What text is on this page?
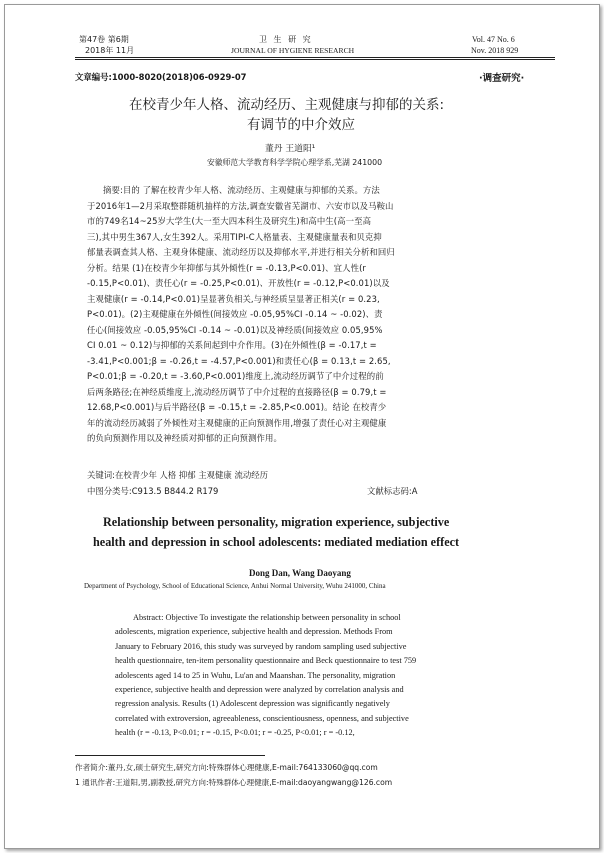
第47卷 第6期
2018年 11月
卫 生 研 究
JOURNAL OF HYGIENE RESEARCH
Vol. 47 No. 6
Nov. 2018 929
文章编号:1000-8020(2018)06-0929-07	·调查研究·
在校青少年人格、流动经历、主观健康与抑郁的关系:
有调节的中介效应
董丹 王道阳¹
安徽师范大学教育科学学院心理学系,芜湖 241000
摘要:目的 了解在校青少年人格、流动经历、主观健康与抑郁的关系。方法
于2016年1—2月采取整群随机抽样的方法,调查安徽省芜湖市、六安市以及马鞍山
市的749名14~25岁大学生(大一至大四本科生及研究生)和高中生(高一至高
三),其中男生367人,女生392人。采用TIPI-C人格量表、主观健康量表和贝克抑
郁量表调查其人格、主观身体健康、流动经历以及抑郁水平,并进行相关分析和回归
分析。结果 (1)在校青少年抑郁与其外倾性(r = -0.13,P<0.01)、宜人性(r
-0.15,P<0.01)、责任心(r = -0.25,P<0.01)、开放性(r = -0.12,P<0.01)以及
主观健康(r = -0.14,P<0.01)呈显著负相关,与神经质呈显著正相关(r = 0.23,
P<0.01)。(2)主观健康在外倾性(间接效应 -0.05,95%CI -0.14 ~ -0.02)、责
任心(间接效应 -0.05,95%CI -0.14 ~ -0.01)以及神经质(间接效应 0.05,95%
CI 0.01 ~ 0.12)与抑郁的关系间起到中介作用。(3)在外倾性(β = -0.17,t =
-3.41,P<0.001;β = -0.26,t = -4.57,P<0.001)和责任心(β = 0.13,t = 2.65,
P<0.01;β = -0.20,t = -3.60,P<0.001)维度上,流动经历调节了中介过程的前
后两条路径;在神经质维度上,流动经历调节了中介过程的直接路径(β = 0.79,t =
12.68,P<0.001)与后半路径(β = -0.15,t = -2.85,P<0.001)。结论 在校青少
年的流动经历减弱了外倾性对主观健康的正向预测作用,增强了责任心对主观健康
的负向预测作用以及神经质对抑郁的正向预测作用。
关键词:在校青少年 人格 抑郁 主观健康 流动经历
中图分类号:C913.5 B844.2 R179	文献标志码:A
Relationship between personality, migration experience, subjective
health and depression in school adolescents: mediated mediation effect
Dong Dan, Wang Daoyang
Department of Psychology, School of Educational Science, Anhui Normal University, Wuhu 241000, China
Abstract: Objective To investigate the relationship between personality in school
adolescents, migration experience, subjective health and depression. Methods From
January to February 2016, this study was surveyed by random sampling used subjective
health questionnaire, ten-item personality questionnaire and Beck questionnaire to test 759
adolescents aged 14 to 25 in Wuhu, Lu'an and Maanshan. The personality, migration
experience, subjective health and depression were analyzed by correlation analysis and
regression analysis. Results (1) Adolescent depression was significantly negatively
correlated with extroversion, agreeableness, conscientiousness, openness, and subjective
health (r = -0.13, P<0.01; r = -0.15, P<0.01; r = -0.25, P<0.01; r = -0.12,
作者简介:董丹,女,硕士研究生,研究方向:特殊群体心理健康,E-mail:764133060@qq.com
1 通讯作者:王道阳,男,副教授,研究方向:特殊群体心理健康,E-mail:daoyangwang@126.com
